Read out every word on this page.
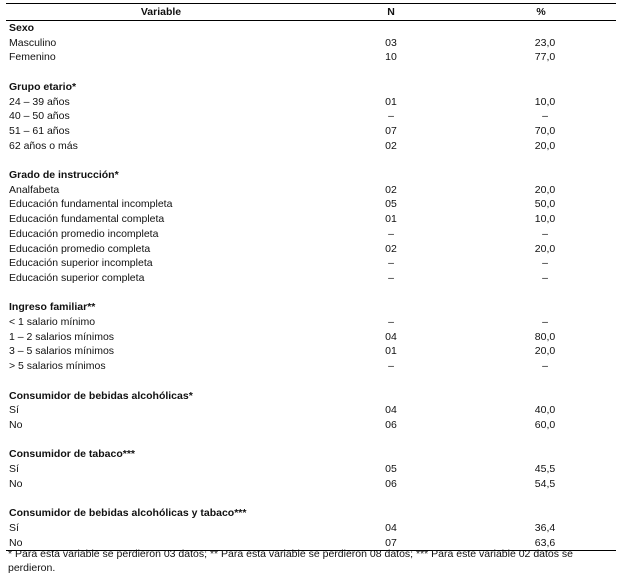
Variable	N	%
Sexo		
Masculino	03	23,0
Femenino	10	77,0

Grupo etario*		
24 – 39 años	01	10,0
40 – 50 años	–	–
51 – 61 años	07	70,0
62 años o más	02	20,0

Grado de instrucción*		
Analfabeta	02	20,0
Educación fundamental incompleta	05	50,0
Educación fundamental completa	01	10,0
Educación promedio incompleta	–	–
Educación promedio completa	02	20,0
Educación superior incompleta	–	–
Educación superior completa	–	–

Ingreso familiar**		
< 1 salario mínimo	–	–
1 – 2 salarios mínimos	04	80,0
3 – 5 salarios mínimos	01	20,0
> 5 salarios mínimos	–	–

Consumidor de bebidas alcohólicas*		
Sí	04	40,0
No	06	60,0

Consumidor de tabaco***		
Sí	05	45,5
No	06	54,5

Consumidor de bebidas alcohólicas y tabaco***		
Sí	04	36,4
No	07	63,6
* Para esta variable se perdieron 03 datos; ** Para esta variable se perdieron 08 datos; *** Para este variable 02 datos se perdieron.
